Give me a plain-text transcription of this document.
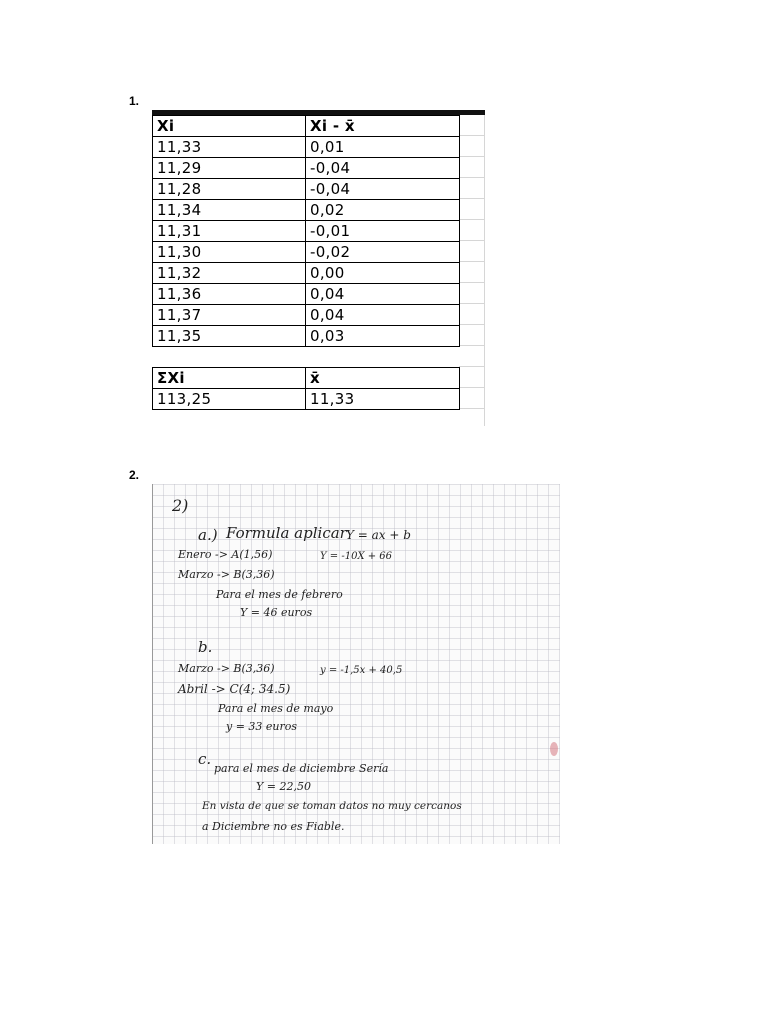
1.
Xi	Xi - x̄
11,33	0,01
11,29	-0,04
11,28	-0,04
11,34	0,02
11,31	-0,01
11,30	-0,02
11,32	0,00
11,36	0,04
11,37	0,04
11,35	0,03

ΣXi	x̄
113,25	11,33
2.
2)
a.) Formula aplicar Y = ax + b
Enero -> A(1,56)	Y = -10X + 66
Marzo -> B(3,36)
Para el mes de febrero
Y = 46 euros
b.
Marzo -> B(3,36)	y = -1,5x + 40,5
Abril -> C(4; 34.5)
Para el mes de mayo
y = 33 euros
c.
para el mes de diciembre Sería
Y = 22,50
En vista de que se toman datos no muy cercanos
a Diciembre no es Fiable.
